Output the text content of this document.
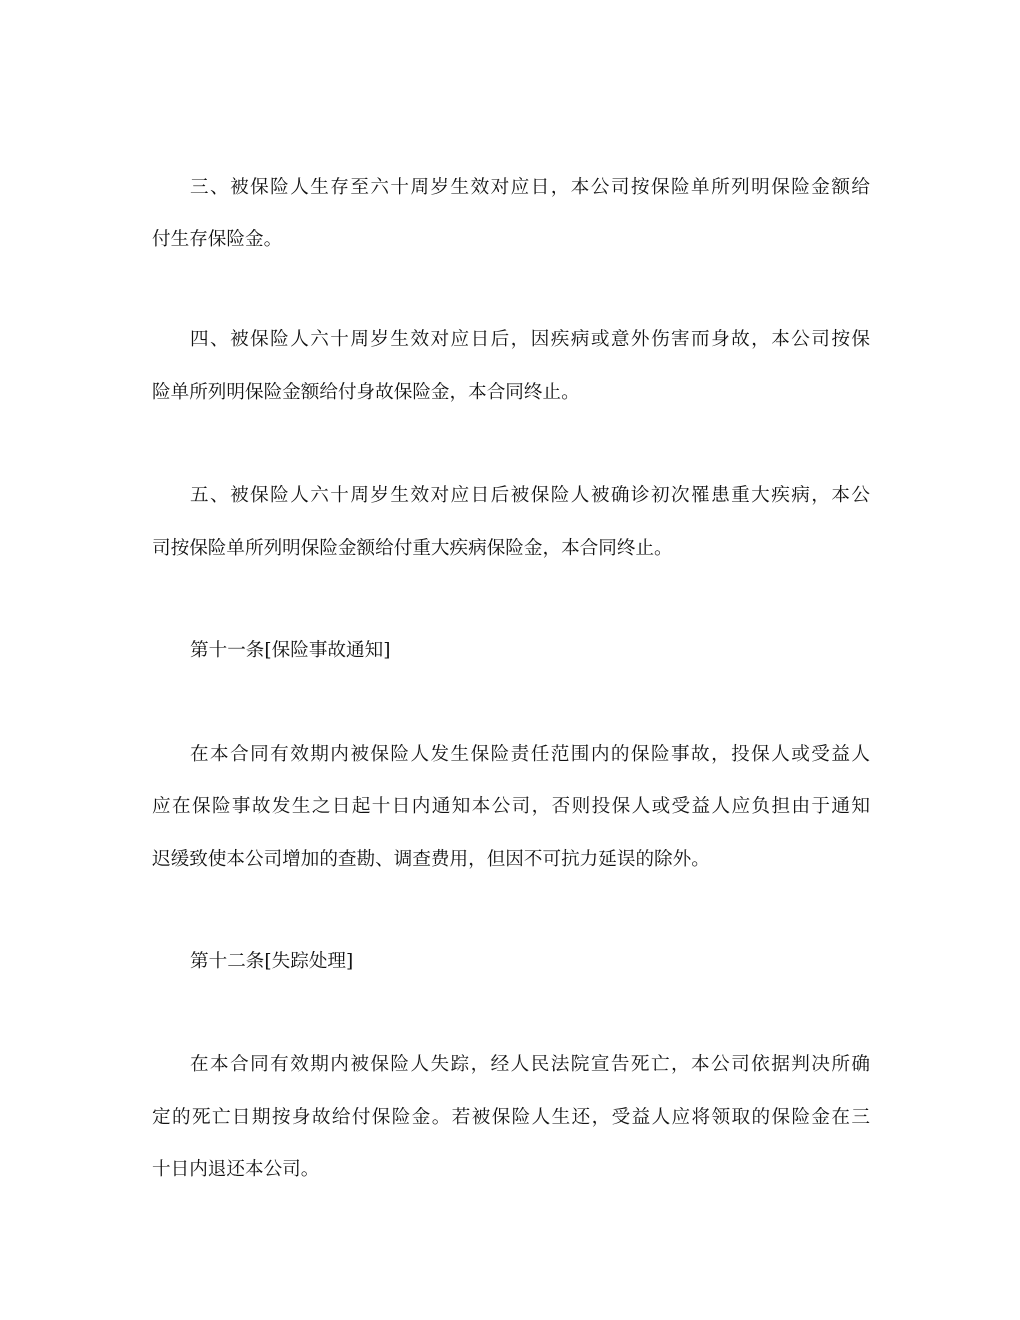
三、被保险人生存至六十周岁生效对应日，本公司按保险单所列明保险金额给
付生存保险金。
四、被保险人六十周岁生效对应日后，因疾病或意外伤害而身故，本公司按保
险单所列明保险金额给付身故保险金，本合同终止。
五、被保险人六十周岁生效对应日后被保险人被确诊初次罹患重大疾病，本公
司按保险单所列明保险金额给付重大疾病保险金，本合同终止。
第十一条[保险事故通知]
在本合同有效期内被保险人发生保险责任范围内的保险事故，投保人或受益人
应在保险事故发生之日起十日内通知本公司，否则投保人或受益人应负担由于通知
迟缓致使本公司增加的查勘、调查费用，但因不可抗力延误的除外。
第十二条[失踪处理]
在本合同有效期内被保险人失踪，经人民法院宣告死亡，本公司依据判决所确
定的死亡日期按身故给付保险金。若被保险人生还，受益人应将领取的保险金在三
十日内退还本公司。
